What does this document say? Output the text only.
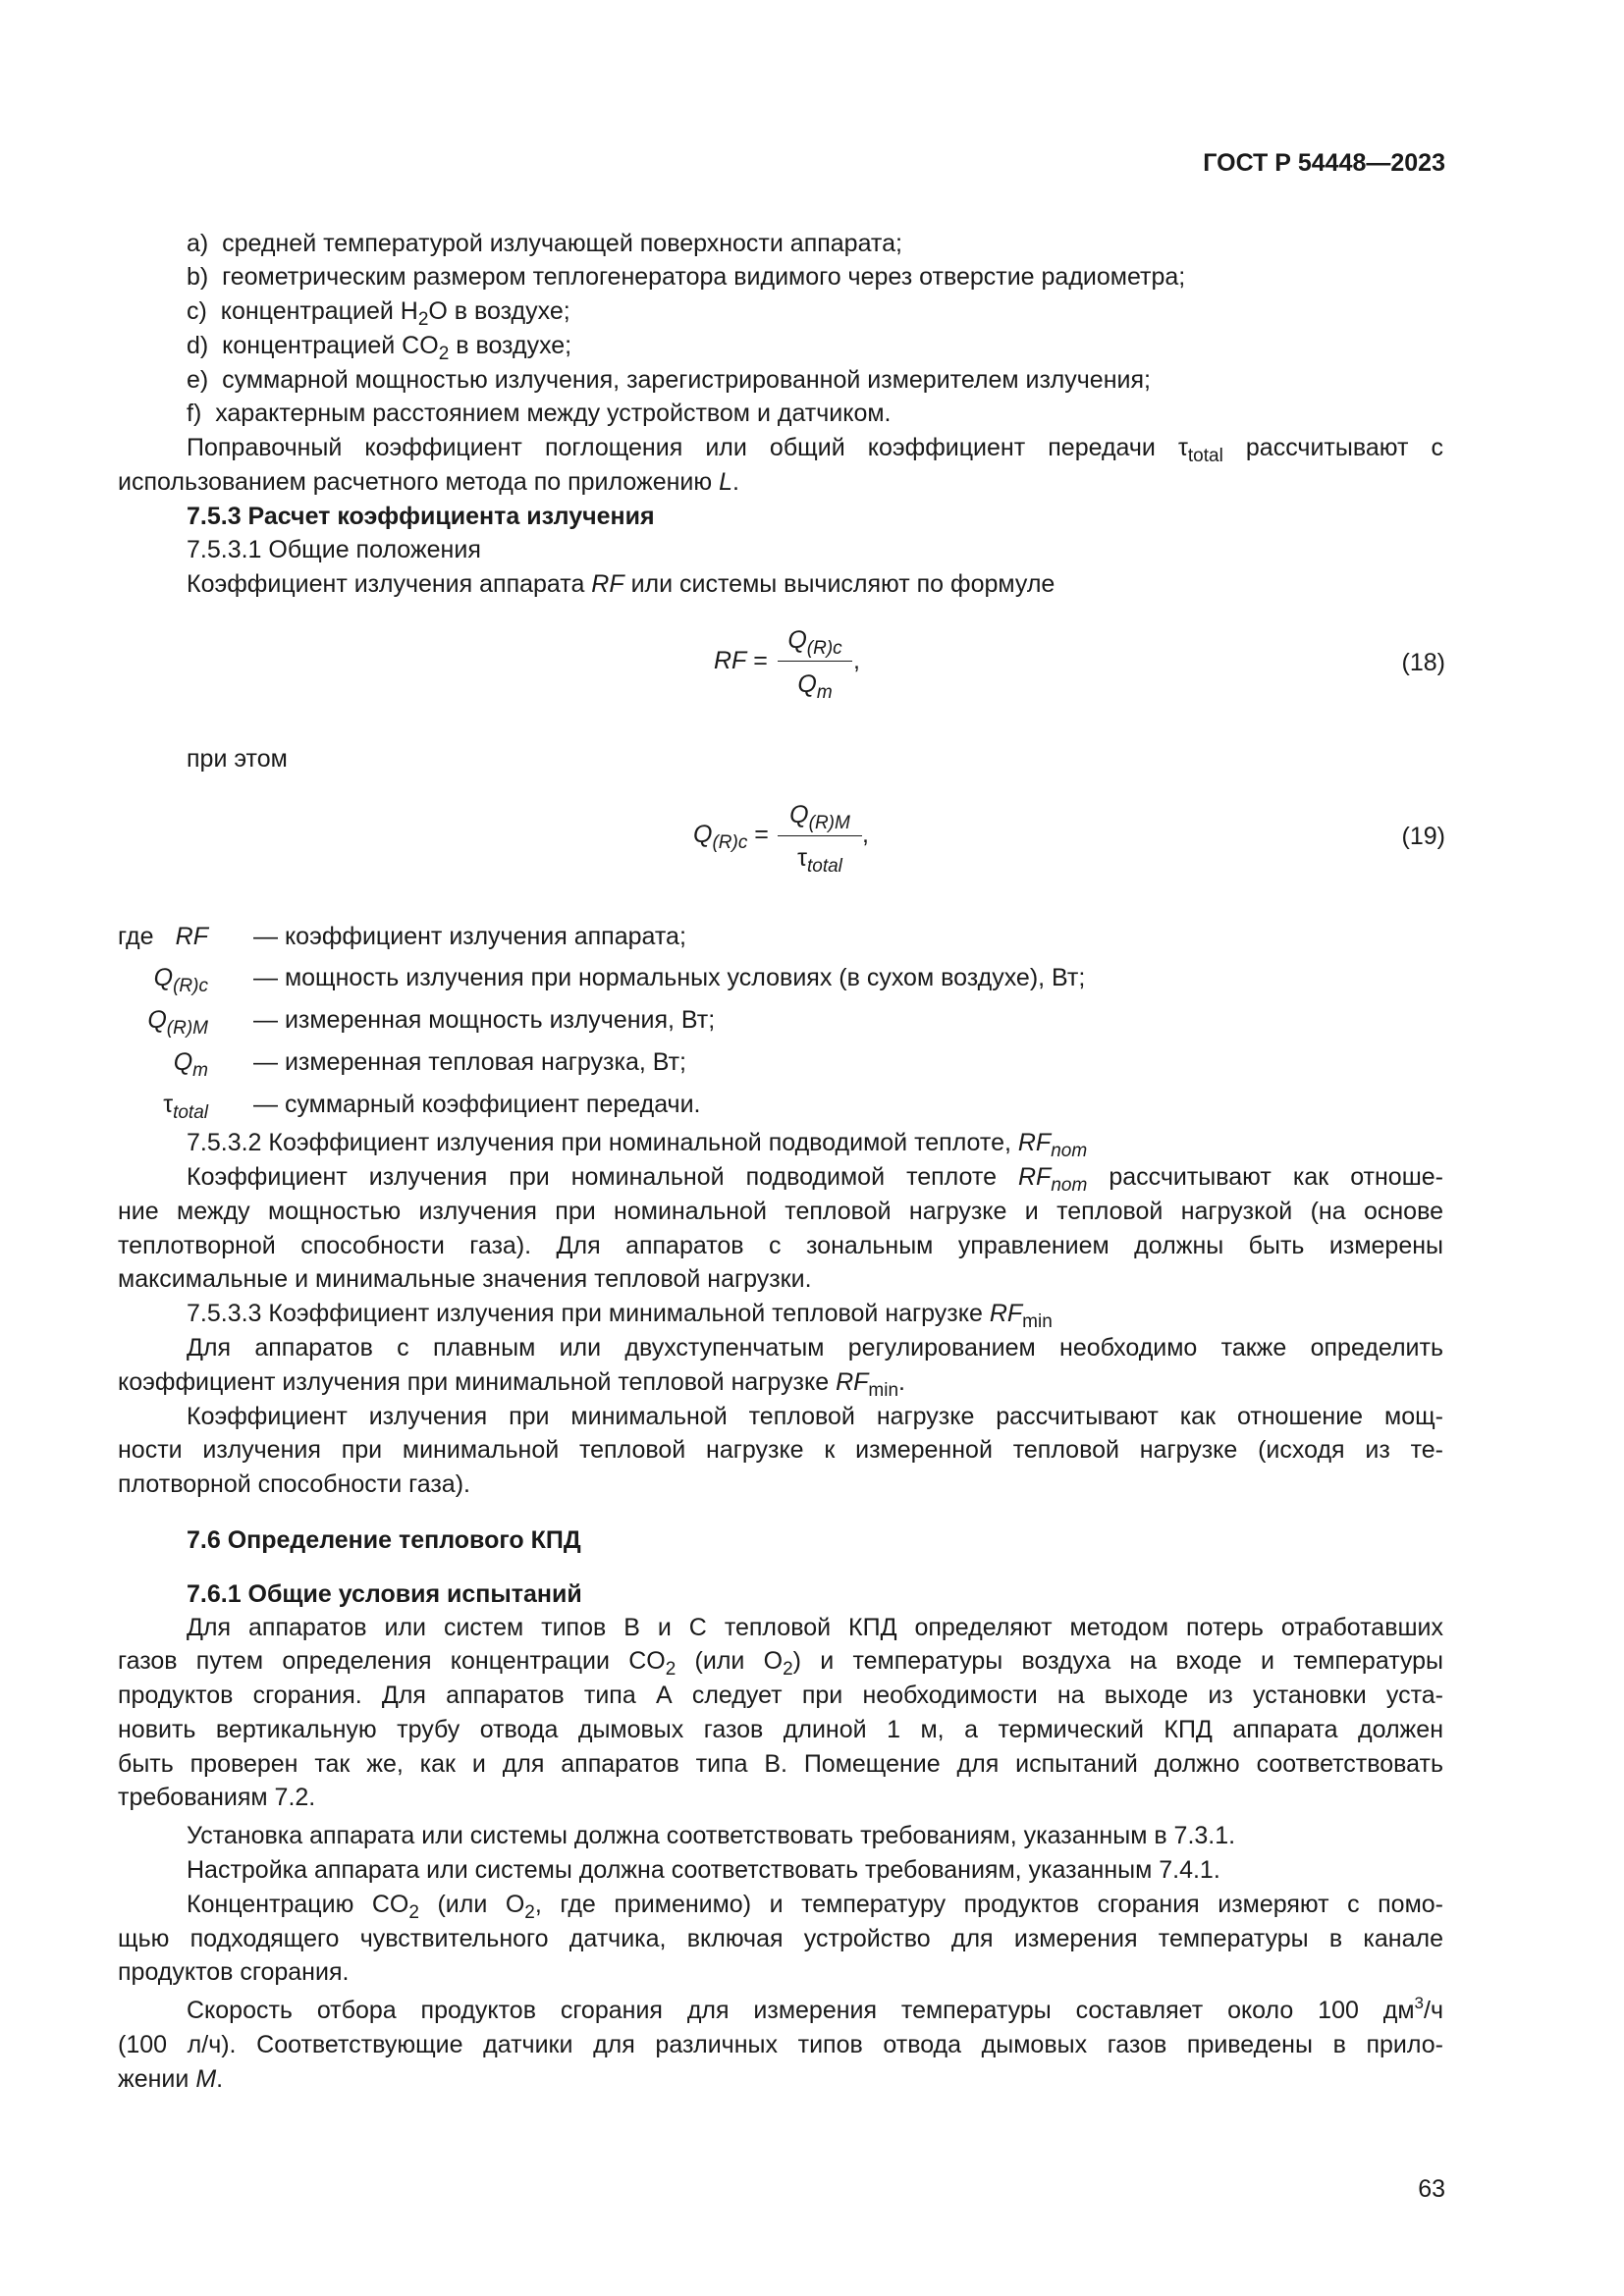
ГОСТ Р 54448—2023
a) средней температурой излучающей поверхности аппарата;
b) геометрическим размером теплогенератора видимого через отверстие радиометра;
c) концентрацией $H_2O$ в воздухе;
d) концентрацией $CO_2$ в воздухе;
e) суммарной мощностью излучения, зарегистрированной измерителем излучения;
f) характерным расстоянием между устройством и датчиком.
Поправочный коэффициент поглощения или общий коэффициент передачи $\tau_{total}$ рассчитывают с
использованием расчетного метода по приложению L.
7.5.3 Расчет коэффициента излучения
7.5.3.1 Общие положения
Коэффициент излучения аппарата RF или системы вычисляют по формуле
RF =
$Q_{(R)c}$
$Q_m$
,	(18)
при этом
$Q_{(R)c}$ =
$Q_{(R)M}$
$\tau_{total}$
,	(19)
где RF — коэффициент излучения аппарата;
$Q_{(R)c}$ — мощность излучения при нормальных условиях (в сухом воздухе), Вт;
$Q_{(R)M}$ — измеренная мощность излучения, Вт;
$Q_m$ — измеренная тепловая нагрузка, Вт;
$\tau_{total}$ — суммарный коэффициент передачи.
7.5.3.2 Коэффициент излучения при номинальной подводимой теплоте, $RF_{nom}$
Коэффициент излучения при номинальной подводимой теплоте $RF_{nom}$ рассчитывают как отноше-
ние между мощностью излучения при номинальной тепловой нагрузке и тепловой нагрузкой (на основе
теплотворной способности газа). Для аппаратов с зональным управлением должны быть измерены
максимальные и минимальные значения тепловой нагрузки.
7.5.3.3 Коэффициент излучения при минимальной тепловой нагрузке $RF_{min}$
Для аппаратов с плавным или двухступенчатым регулированием необходимо также определить
коэффициент излучения при минимальной тепловой нагрузке $RF_{min}$.
Коэффициент излучения при минимальной тепловой нагрузке рассчитывают как отношение мощ-
ности излучения при минимальной тепловой нагрузке к измеренной тепловой нагрузке (исходя из те-
плотворной способности газа).
7.6 Определение теплового КПД
7.6.1 Общие условия испытаний
Для аппаратов или систем типов В и С тепловой КПД определяют методом потерь отработавших
газов путем определения концентрации $CO_2$ (или $O_2$) и температуры воздуха на входе и температуры
продуктов сгорания. Для аппаратов типа А следует при необходимости на выходе из установки уста-
новить вертикальную трубу отвода дымовых газов длиной 1 м, а термический КПД аппарата должен
быть проверен так же, как и для аппаратов типа В. Помещение для испытаний должно соответствовать
требованиям 7.2.
Установка аппарата или системы должна соответствовать требованиям, указанным в 7.3.1.
Настройка аппарата или системы должна соответствовать требованиям, указанным 7.4.1.
Концентрацию $CO_2$ (или $O_2$, где применимо) и температуру продуктов сгорания измеряют с помо-
щью подходящего чувствительного датчика, включая устройство для измерения температуры в канале
продуктов сгорания.
Скорость отбора продуктов сгорания для измерения температуры составляет около 100 $дм^3/ч$
(100 л/ч). Соответствующие датчики для различных типов отвода дымовых газов приведены в прило-
жении M.
63
